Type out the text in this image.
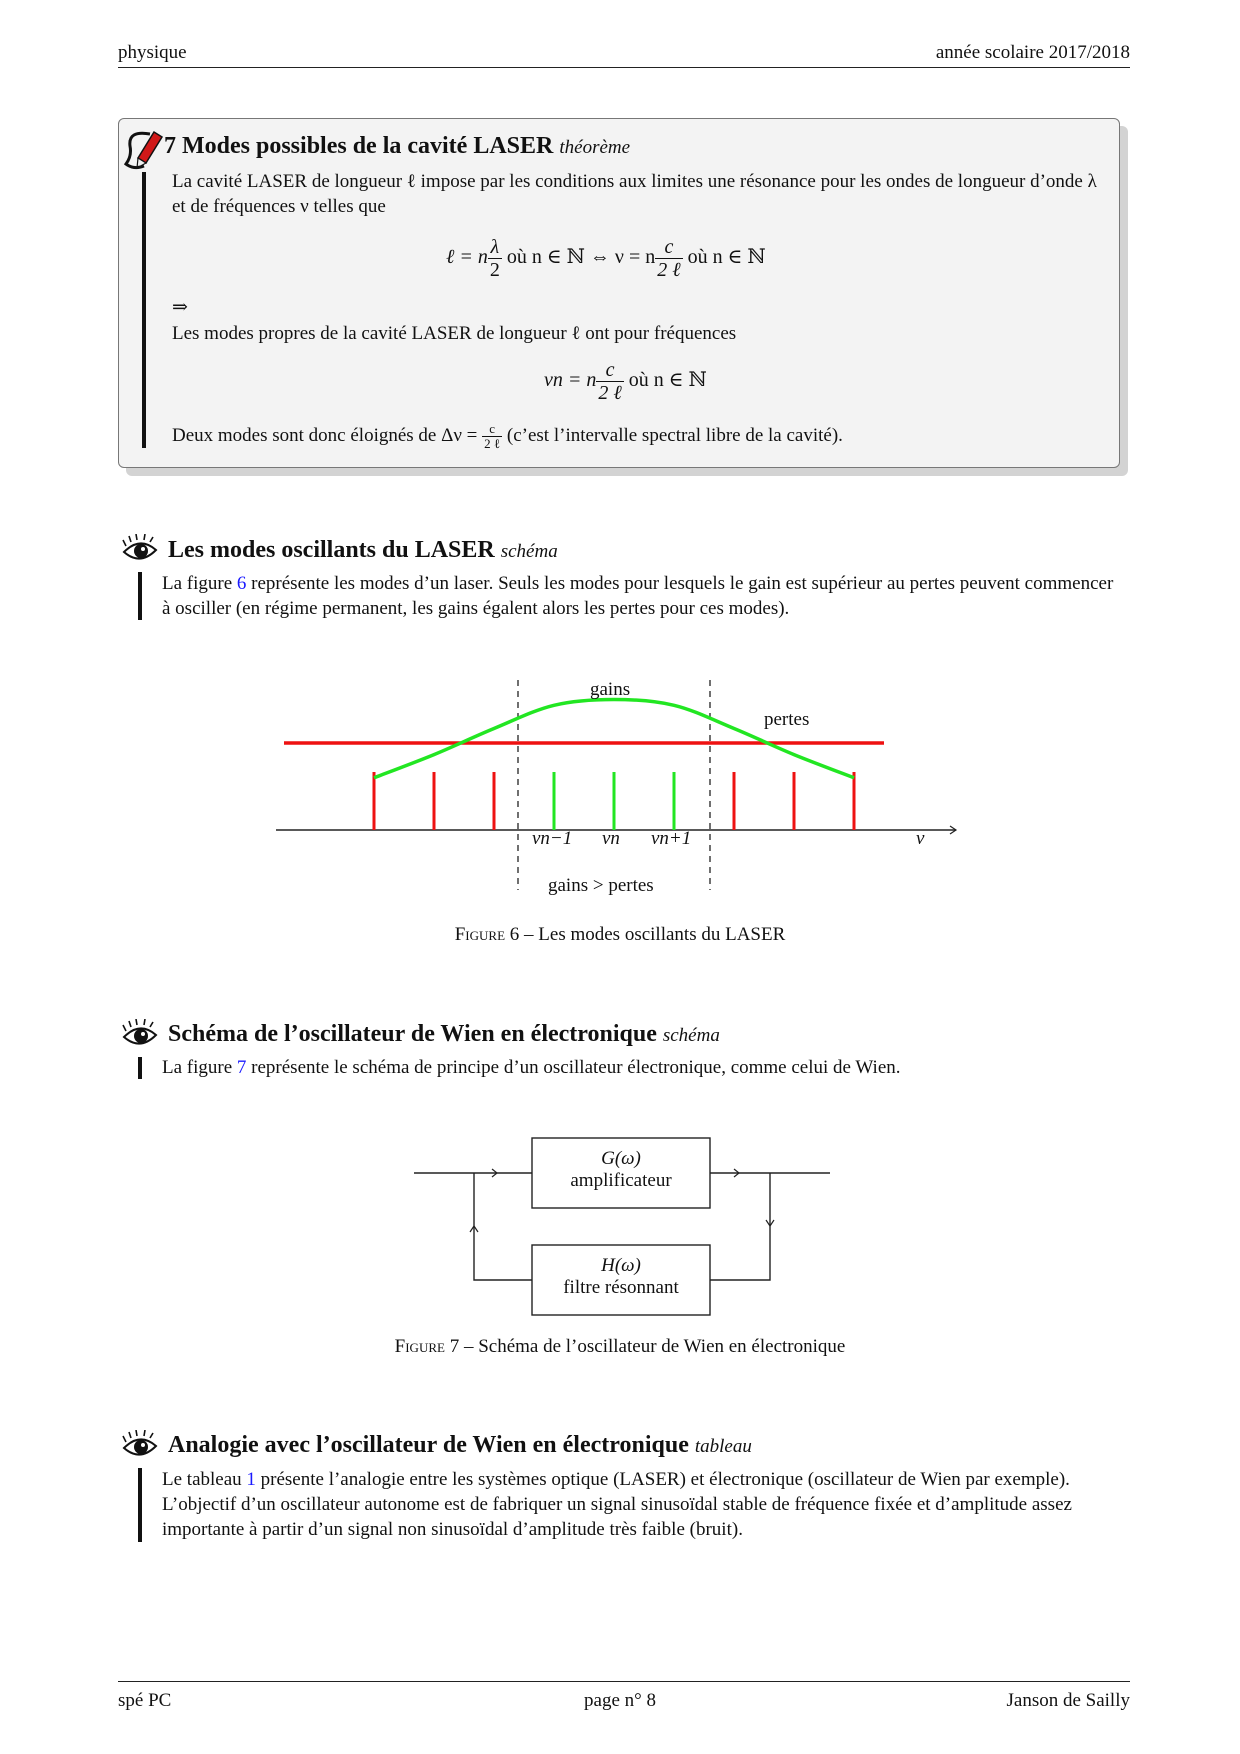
physique	année scolaire 2017/2018
7 Modes possibles de la cavité LASER théorème
La cavité LASER de longueur ℓ impose par les conditions aux limites une résonance pour les ondes de longueur d’onde λ et de fréquences ν telles que
ℓ = n $\frac{\lambda}{2}$ où n ∈ ℕ ⇔ ν = n $\frac{c}{\text{2 ℓ}}$ où n ∈ ℕ
⇒
Les modes propres de la cavité LASER de longueur ℓ ont pour fréquences
νn = n $\frac{c}{\text{2 ℓ}}$ où n ∈ ℕ
Deux modes sont donc éloignés de $\Delta\nu = \frac{c}{\text{2 ℓ}}$ (c’est l’intervalle spectral libre de la cavité).
Les modes oscillants du LASER schéma
La figure 6 représente les modes d’un laser. Seuls les modes pour lesquels le gain est supérieur au pertes peuvent commencer à osciller (en régime permanent, les gains égalent alors les pertes pour ces modes).
gains
pertes
νn−1 νn νn+1	ν
gains > pertes
Figure 6 – Les modes oscillants du LASER
Schéma de l’oscillateur de Wien en électronique schéma
La figure 7 représente le schéma de principe d’un oscillateur électronique, comme celui de Wien.
G(ω)
amplificateur
H(ω)
filtre résonnant
Figure 7 – Schéma de l’oscillateur de Wien en électronique
Analogie avec l’oscillateur de Wien en électronique tableau
Le tableau 1 présente l’analogie entre les systèmes optique (LASER) et électronique (oscillateur de Wien par exemple). L’objectif d’un oscillateur autonome est de fabriquer un signal sinusoïdal stable de fréquence fixée et d’amplitude assez importante à partir d’un signal non sinusoïdal d’amplitude très faible (bruit).
spé PC	page n° 8	Janson de Sailly
